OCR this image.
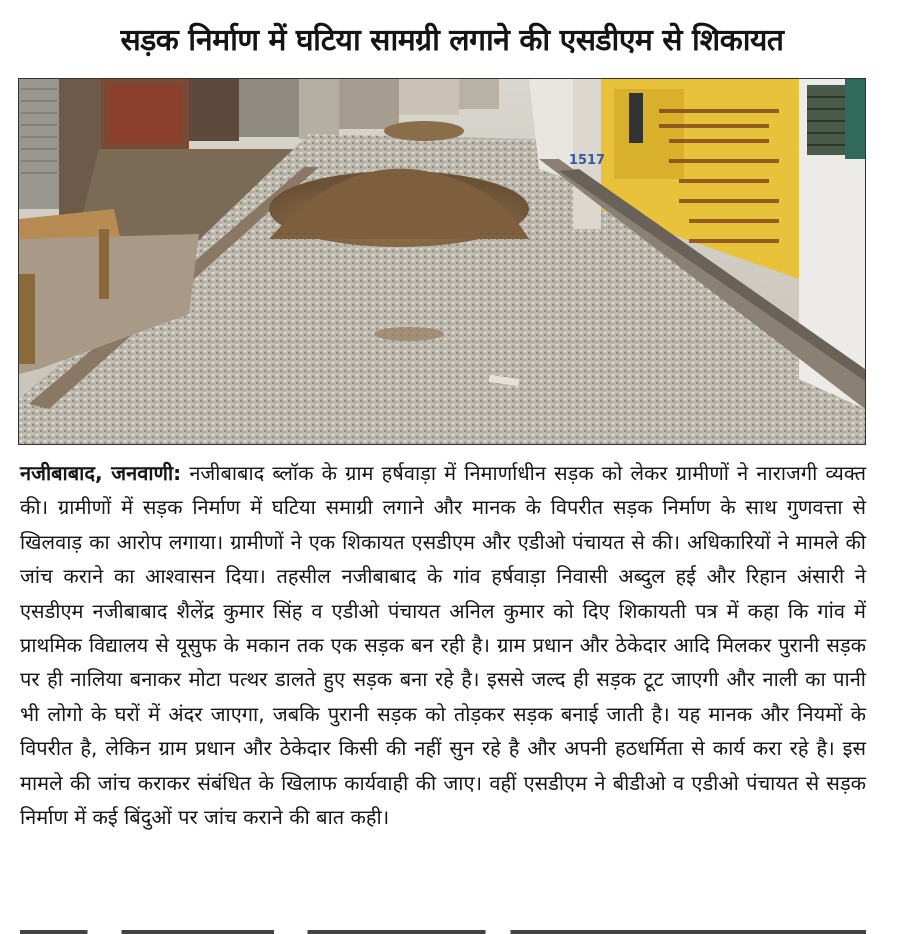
सड़क निर्माण में घटिया सामग्री लगाने की एसडीएम से शिकायत
1517

नजीबाबाद, जनवाणी: नजीबाबाद ब्लॉक के ग्राम हर्षवाड़ा में निमार्णाधीन सड़क को लेकर ग्रामीणों ने नाराजगी व्यक्त की। ग्रामीणों में सड़क निर्माण में घटिया समाग्री लगाने और मानक के विपरीत सड़क निर्माण के साथ गुणवत्ता से खिलवाड़ का आरोप लगाया। ग्रामीणों ने एक शिकायत एसडीएम और एडीओ पंचायत से की। अधिकारियों ने मामले की जांच कराने का आश्वासन दिया। तहसील नजीबाबाद के गांव हर्षवाड़ा निवासी अब्दुल हई और रिहान अंसारी ने एसडीएम नजीबाबाद शैलेंद्र कुमार सिंह व एडीओ पंचायत अनिल कुमार को दिए शिकायती पत्र में कहा कि गांव में प्राथमिक विद्यालय से यूसुफ के मकान तक एक सड़क बन रही है। ग्राम प्रधान और ठेकेदार आदि मिलकर पुरानी सड़क पर ही नालिया बनाकर मोटा पत्थर डालते हुए सड़क बना रहे है। इससे जल्द ही सड़क टूट जाएगी और नाली का पानी भी लोगो के घरों में अंदर जाएगा, जबकि पुरानी सड़क को तोड़कर सड़क बनाई जाती है। यह मानक और नियमों के विपरीत है, लेकिन ग्राम प्रधान और ठेकेदार किसी की नहीं सुन रहे है और अपनी हठधर्मिता से कार्य करा रहे है। इस मामले की जांच कराकर संबंधित के खिलाफ कार्यवाही की जाए। वहीं एसडीएम ने बीडीओ व एडीओ पंचायत से सड़क निर्माण में कई बिंदुओं पर जांच कराने की बात कही।
